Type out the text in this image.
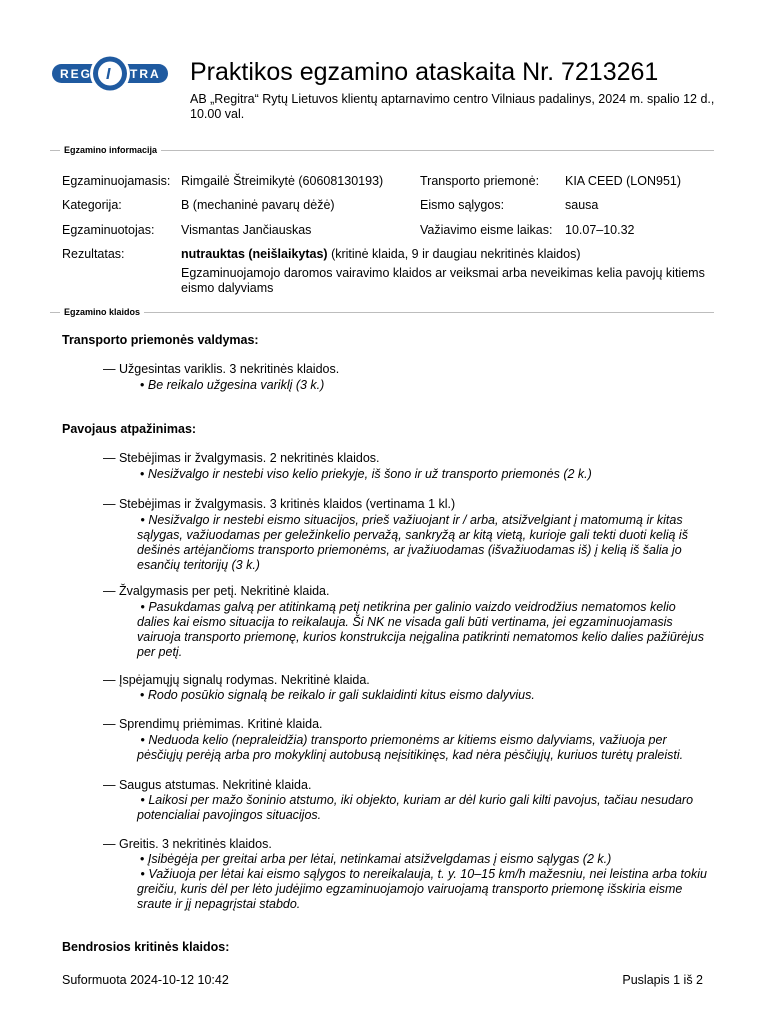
REG I TRA Praktikos egzamino ataskaita Nr. 7213261
AB „Regitra“ Rytų Lietuvos klientų aptarnavimo centro Vilniaus padalinys, 2024 m. spalio 12 d., 10.00 val.
Egzamino informacija
Egzaminuojamasis: Rimgailė Štreimikytė (60608130193)	Transporto priemonė: KIA CEED (LON951)
Kategorija:	B (mechaninė pavarų dėžė)	Eismo sąlygos:	sausa
Egzaminuotojas: Vismantas Jančiauskas	Važiavimo eisme laikas: 10.07–10.32
Rezultatas:	nutrauktas (neišlaikytas) (kritinė klaida, 9 ir daugiau nekritinės klaidos)
Egzaminuojamojo daromos vairavimo klaidos ar veiksmai arba neveikimas kelia pavojų kitiems eismo dalyviams
Egzamino klaidos
Transporto priemonės valdymas:
— Užgesintas variklis. 3 nekritinės klaidos.
• Be reikalo užgesina variklį (3 k.)
Pavojaus atpažinimas:
— Stebėjimas ir žvalgymasis. 2 nekritinės klaidos.
• Nesižvalgo ir nestebi viso kelio priekyje, iš šono ir už transporto priemonės (2 k.)
— Stebėjimas ir žvalgymasis. 3 kritinės klaidos (vertinama 1 kl.)
• Nesižvalgo ir nestebi eismo situacijos, prieš važiuojant ir / arba, atsižvelgiant į matomumą ir kitas sąlygas, važiuodamas per geležinkelio pervažą, sankryžą ar kitą vietą, kurioje gali tekti duoti kelią iš dešinės artėjančioms transporto priemonėms, ar įvažiuodamas (išvažiuodamas iš) į kelią iš šalia jo esančių teritorijų (3 k.)
— Žvalgymasis per petį. Nekritinė klaida.
• Pasukdamas galvą per atitinkamą petį netikrina per galinio vaizdo veidrodžius nematomos kelio dalies kai eismo situacija to reikalauja. Ši NK ne visada gali būti vertinama, jei egzaminuojamasis vairuoja transporto priemonę, kurios konstrukcija neįgalina patikrinti nematomos kelio dalies pažiūrėjus per petį.
— Įspėjamųjų signalų rodymas. Nekritinė klaida.
• Rodo posūkio signalą be reikalo ir gali suklaidinti kitus eismo dalyvius.
— Sprendimų priėmimas. Kritinė klaida.
• Neduoda kelio (nepraleidžia) transporto priemonėms ar kitiems eismo dalyviams, važiuoja per pėsčiųjų perėją arba pro mokyklinį autobusą neįsitikinęs, kad nėra pėsčiųjų, kuriuos turėtų praleisti.
— Saugus atstumas. Nekritinė klaida.
• Laikosi per mažo šoninio atstumo, iki objekto, kuriam ar dėl kurio gali kilti pavojus, tačiau nesudaro potencialiai pavojingos situacijos.
— Greitis. 3 nekritinės klaidos.
• Įsibėgėja per greitai arba per lėtai, netinkamai atsižvelgdamas į eismo sąlygas (2 k.)
• Važiuoja per lėtai kai eismo sąlygos to nereikalauja, t. y. 10–15 km/h mažesniu, nei leistina arba tokiu greičiu, kuris dėl per lėto judėjimo egzaminuojamojo vairuojamą transporto priemonę išskiria eisme sraute ir jį nepagrįstai stabdo.
Bendrosios kritinės klaidos:
Suformuota 2024-10-12 10:42	Puslapis 1 iš 2
